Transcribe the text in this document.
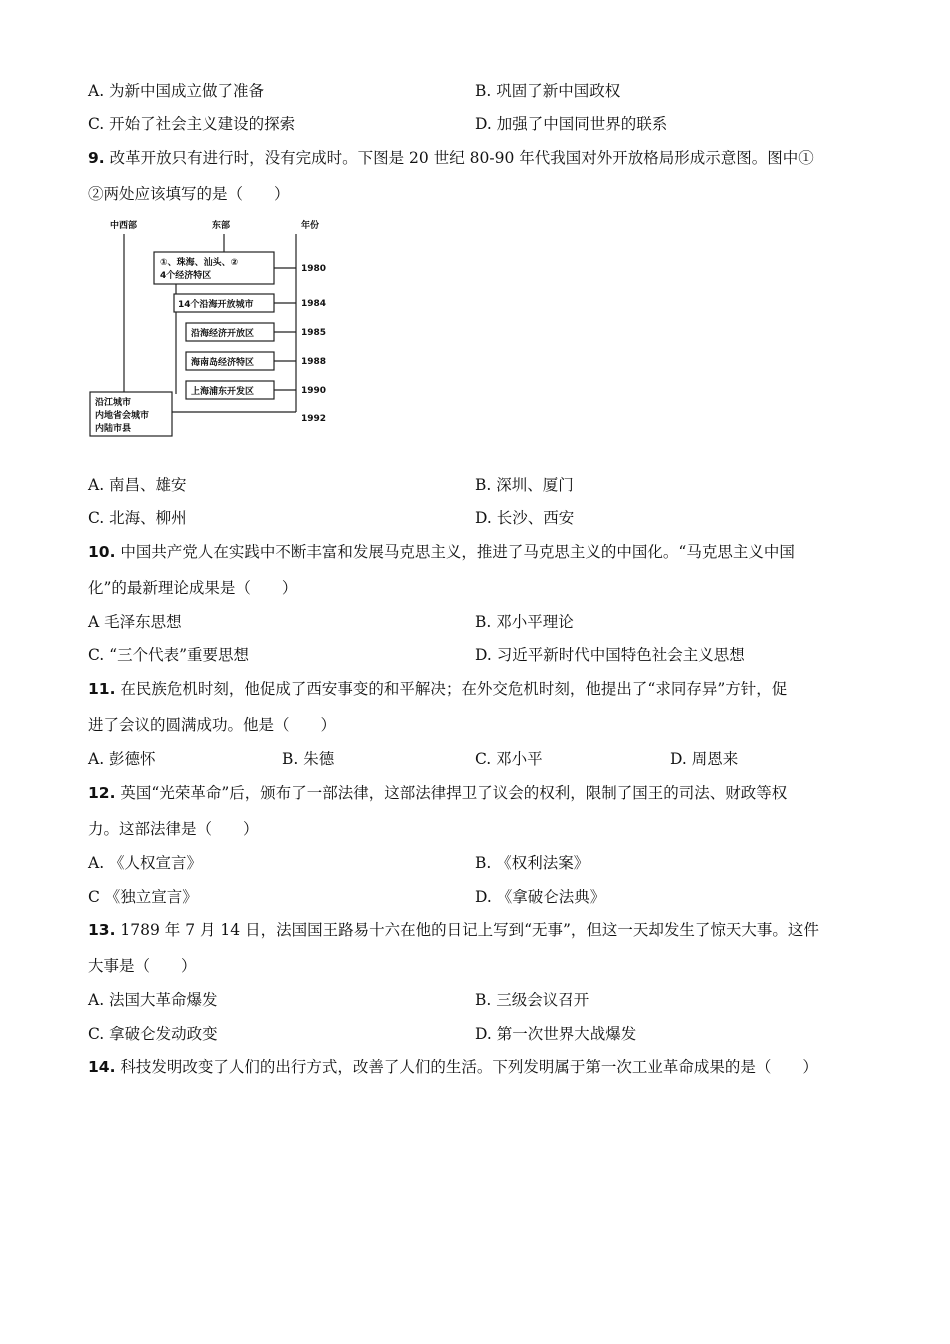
A. 为新中国成立做了准备	B. 巩固了新中国政权
C. 开始了社会主义建设的探索	D. 加强了中国同世界的联系
9. 改革开放只有进行时，没有完成时。下图是 20 世纪 80-90 年代我国对外开放格局形成示意图。图中①
②两处应该填写的是（　　）
中西部	东部	年份
①、珠海、汕头、②
4个经济特区
1980
14个沿海开放城市	1984
沿海经济开放区	1985
海南岛经济特区	1988
上海浦东开发区	1990
沿江城市
内地省会城市
内陆市县
1992
A. 南昌、雄安	B. 深圳、厦门
C. 北海、柳州	D. 长沙、西安
10. 中国共产党人在实践中不断丰富和发展马克思主义，推进了马克思主义的中国化。“马克思主义中国
化”的最新理论成果是（　　）
A 毛泽东思想	B. 邓小平理论
C. “三个代表”重要思想	D. 习近平新时代中国特色社会主义思想
11. 在民族危机时刻，他促成了西安事变的和平解决；在外交危机时刻，他提出了“求同存异”方针，促
进了会议的圆满成功。他是（　　）
A. 彭德怀	B. 朱德	C. 邓小平	D. 周恩来
12. 英国“光荣革命”后，颁布了一部法律，这部法律捍卫了议会的权利，限制了国王的司法、财政等权
力。这部法律是（　　）
A. 《人权宣言》	B. 《权利法案》
C 《独立宣言》	D. 《拿破仑法典》
13. 1789 年 7 月 14 日，法国国王路易十六在他的日记上写到“无事”，但这一天却发生了惊天大事。这件
大事是（　　）
A. 法国大革命爆发	B. 三级会议召开
C. 拿破仑发动政变	D. 第一次世界大战爆发
14. 科技发明改变了人们的出行方式，改善了人们的生活。下列发明属于第一次工业革命成果的是（　　）
